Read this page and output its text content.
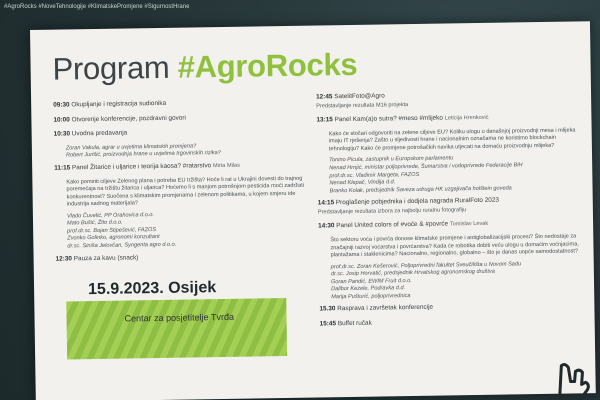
#AgroRocks #NoveTehnologije #KlimatskePromjene #SigurnostHrane
Program #AgroRocks
09:30 Okupljanje i registracija sudionika
10:00 Otvorenje konferencije, pozdravni govori
10:30 Uvodna predavanja
Zoran Vakula, agrar u uvjetima klimatskih promjena?
Robert Jurišić, proizvodnja hrane u uvjetima trgovinskih rizika?
11:15 Panel Žitarice i uljarice i teorija kaosa? #ratarstvo Mirta Milas
Kako pomiriti ciljeve Zelenog plana i potreba EU tržišta? Hoće li rat u Ukrajini dovesti do trajnog poremećaja na tržištu žitarica i uljarica? Hoćemo li s manjom potrošnjom pesticida moći zadržati konkurentnost? Suočena s klimatskim promjenama i zelenom politikama, u kojem smjeru ide industrija sadnog materijala?
Vlado Čuvelić, PP Orahovica d.o.o.
Mato Bušić, Žito d.o.o.
prof.dr.sc. Bojan Stipešević, FAZOS
Zvonko Golinko, agronomi konzultant
dr.sc. Siniša Jelovčan, Syngenta agro d.o.o.
12:30 Pauza za kavu (snack)
12:45 SatelitFoto@Agro
Predstavljanje rezultata M16 projekta
13:15 Panel Kam(a)o sutra? #meso #mlijeko Leticija Hrenković
Kako će stočari odgovoriti na zelene ciljeve EU? Koliku ulogu u današnjoj proizvodnji mesa i mlijeka imaju IT rješenja? Zašto u sljedivosti hrane i nacionalnim označama ne koristimo blockchain tehnologiju? Kako će promjene potrošačkih navika utjecati na domaću proizvodnju mlijeka?
Tonino Picula, zastupnik u Europskom parlamentu
Nenad Hrnjić, ministar poljoprivrede, Šumarstva i vodoprivrede Federacije BiH
prof.dr.sc. Vladimir Margeta, FAZOS
Nenad Klepač, Vindija d.d.
Branko Kolak, predsjednik Saveza udruga HK uzgajivača holštein goveda
14:15 Proglašenje pobjednika i dodjela nagrada RuralFoto 2023
Predstavljanje rezultata izbora za najbolju ruralnu fotografiju
14:30 Panel United colors of #voće & #povrće Tomislav Levak
Što sektoru voća i povrća donose klimatske promjene i antiglobalizacijski procesi? Što nedostaje za značajniji razvoj voćarstva i povrćarstva? Kada će robotika dobiti veću ulogu u domaćim voćnjacima, plantažama i staklenicima? Nacionalno, regionalno, globalno – što je danas uopće samodostatnost?
prof.dr.sc. Zoran Kešerović, Poljoprivredni fakultet Sveučilišta u Novom Sadu
dr.sc. Josip Horvatić, predsjednik Hrvatskog agronomskog društva
Goran Pandić, EWIM Fruit d.o.o.
Dalibor Kezele, Podravka d.d.
Marija Pušturić, poljoprivrednica
15.30 Rasprava i završetak konferencije
15:45 Buffet ručak
15.9.2023. Osijek
Centar za posjetitelje Tvrđa
